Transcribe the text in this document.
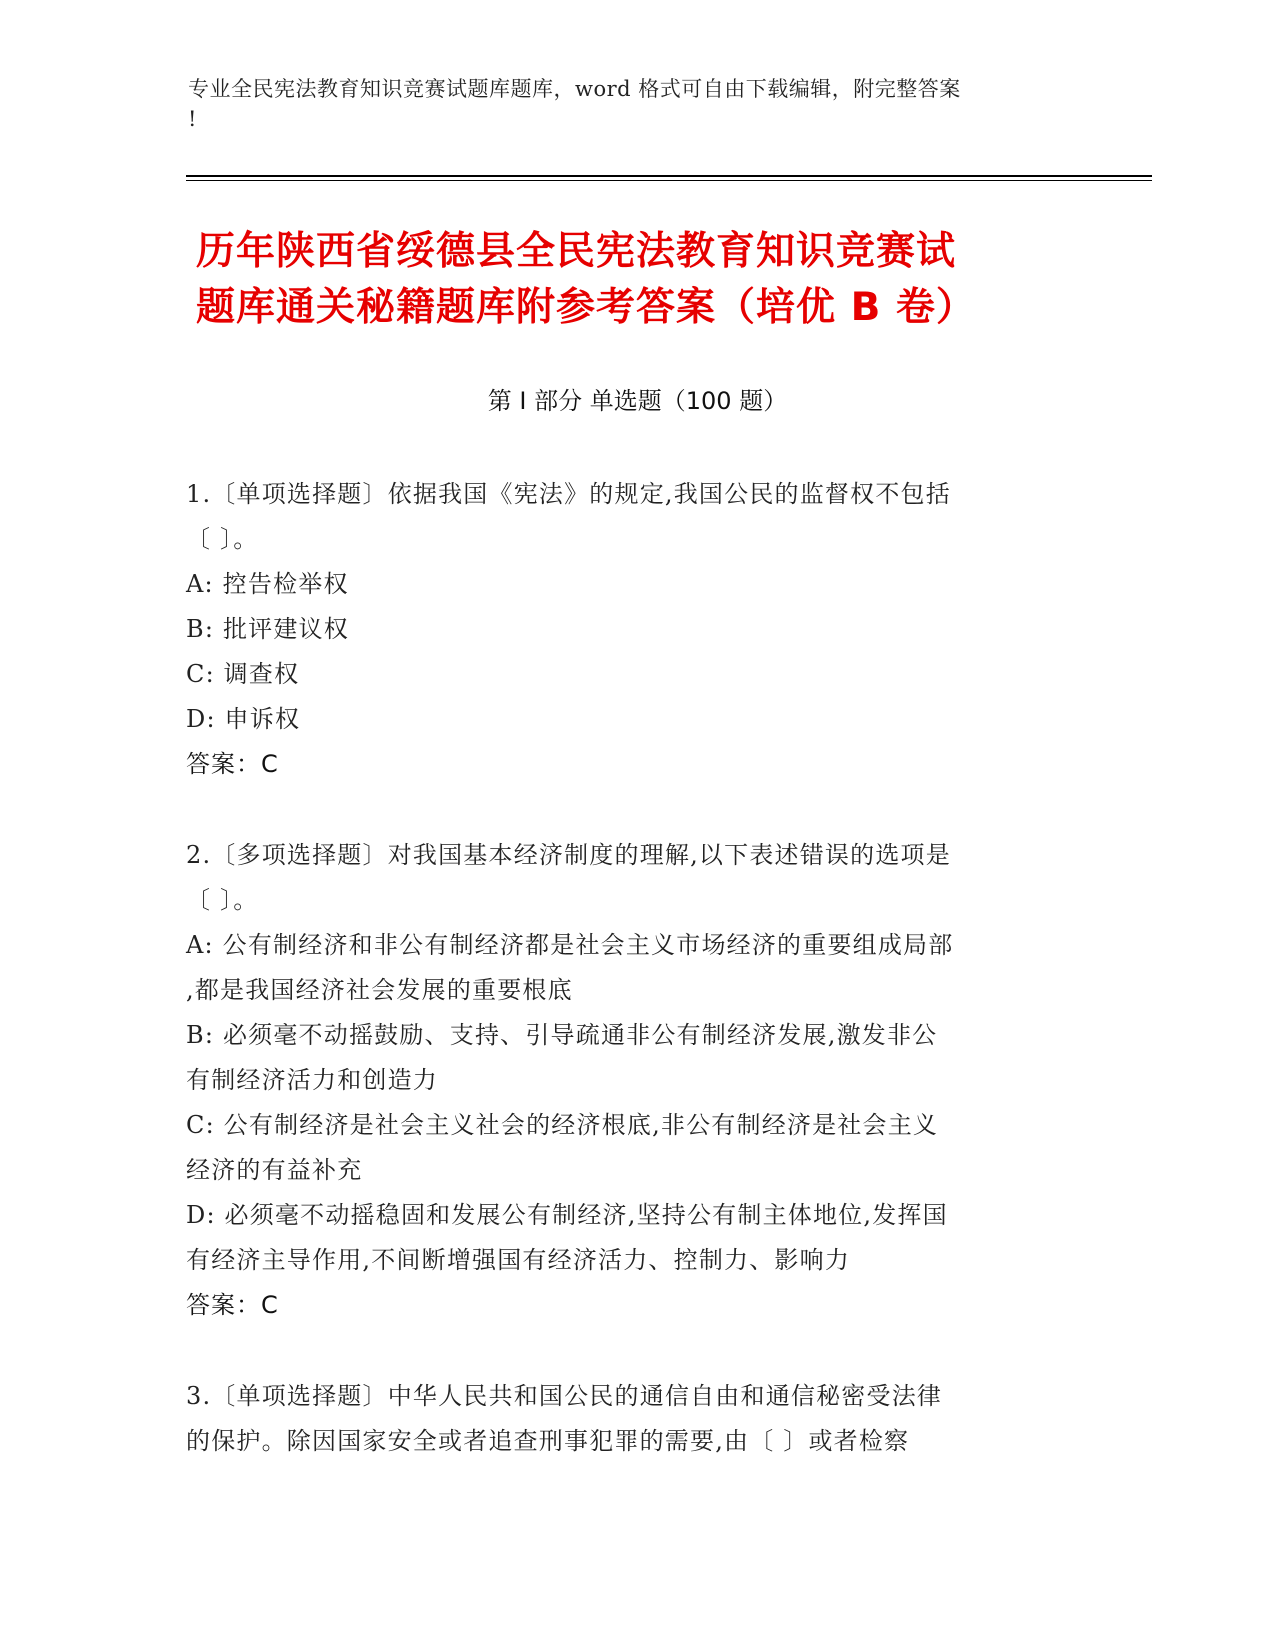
专业全民宪法教育知识竞赛试题库题库，word 格式可自由下载编辑，附完整答案
!
历年陕西省绥德县全民宪法教育知识竞赛试
题库通关秘籍题库附参考答案（培优 B 卷）
第 I 部分 单选题（100 题）

1.〔单项选择题〕依据我国《宪法》的规定,我国公民的监督权不包括

〔 〕。

A: 控告检举权

B: 批评建议权

C: 调查权

D: 申诉权

答案：C

2.〔多项选择题〕对我国基本经济制度的理解,以下表述错误的选项是

〔 〕。

A: 公有制经济和非公有制经济都是社会主义市场经济的重要组成局部

,都是我国经济社会发展的重要根底

B: 必须毫不动摇鼓励、支持、引导疏通非公有制经济发展,激发非公

有制经济活力和创造力

C: 公有制经济是社会主义社会的经济根底,非公有制经济是社会主义

经济的有益补充

D: 必须毫不动摇稳固和发展公有制经济,坚持公有制主体地位,发挥国

有经济主导作用,不间断增强国有经济活力、控制力、影响力

答案：C

3.〔单项选择题〕中华人民共和国公民的通信自由和通信秘密受法律

的保护。除因国家安全或者追查刑事犯罪的需要,由〔 〕或者检察
